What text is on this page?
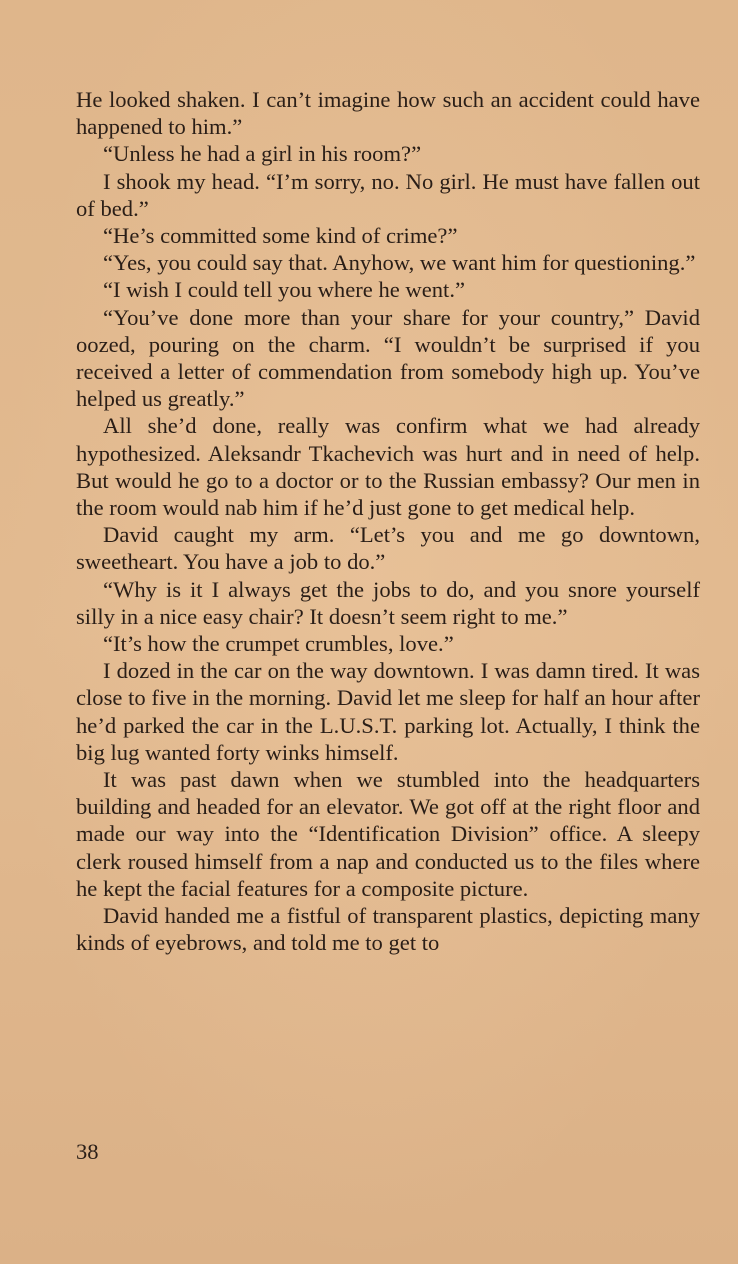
He looked shaken. I can’t imagine how such an accident could have happened to him.”

“Unless he had a girl in his room?”

I shook my head. “I’m sorry, no. No girl. He must have fallen out of bed.”

“He’s committed some kind of crime?”

“Yes, you could say that. Anyhow, we want him for questioning.”

“I wish I could tell you where he went.”

“You’ve done more than your share for your country,” David oozed, pouring on the charm. “I wouldn’t be surprised if you received a letter of commendation from somebody high up. You’ve helped us greatly.”

All she’d done, really was confirm what we had already hypothesized. Aleksandr Tkachevich was hurt and in need of help. But would he go to a doctor or to the Russian embassy? Our men in the room would nab him if he’d just gone to get medical help.

David caught my arm. “Let’s you and me go downtown, sweetheart. You have a job to do.”

“Why is it I always get the jobs to do, and you snore yourself silly in a nice easy chair? It doesn’t seem right to me.”

“It’s how the crumpet crumbles, love.”

I dozed in the car on the way downtown. I was damn tired. It was close to five in the morning. David let me sleep for half an hour after he’d parked the car in the L.U.S.T. parking lot. Actually, I think the big lug wanted forty winks himself.

It was past dawn when we stumbled into the headquarters building and headed for an elevator. We got off at the right floor and made our way into the “Identification Division” office. A sleepy clerk roused himself from a nap and conducted us to the files where he kept the facial features for a composite picture.

David handed me a fistful of transparent plastics, depicting many kinds of eyebrows, and told me to get to

38
